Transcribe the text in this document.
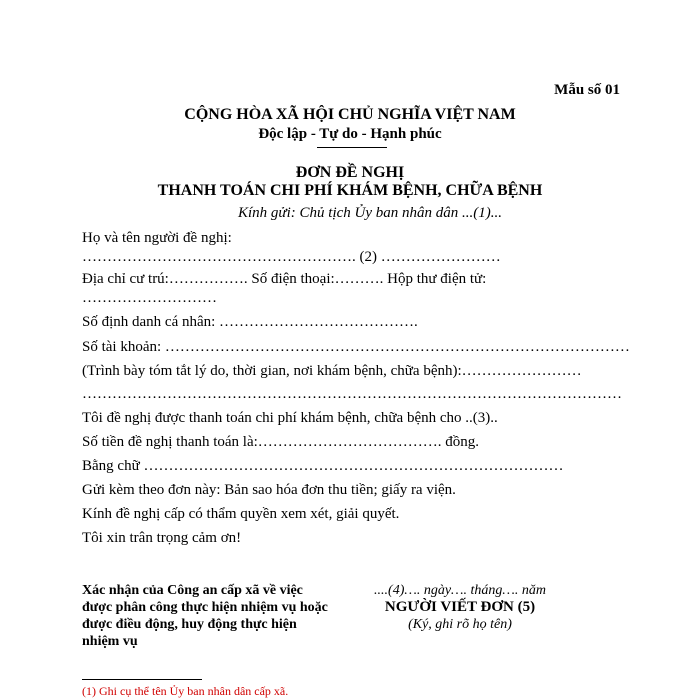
Mẫu số 01
CỘNG HÒA XÃ HỘI CHỦ NGHĨA VIỆT NAM
Độc lập - Tự do - Hạnh phúc
ĐƠN ĐỀ NGHỊ
THANH TOÁN CHI PHÍ KHÁM BỆNH, CHỮA BỆNH
Kính gửi: Chủ tịch Ủy ban nhân dân ...(1)...
Họ và tên người đề nghị:
………………………………………………. (2) ……………………
Địa chỉ cư trú:……………. Số điện thoại:………. Hộp thư điện tử:
………………………
Số định danh cá nhân: ………………………………….
Số tài khoản: …………………………………………………………………………………
(Trình bày tóm tắt lý do, thời gian, nơi khám bệnh, chữa bệnh):……………………
………………………………………………………………………………………………
Tôi đề nghị được thanh toán chi phí khám bệnh, chữa bệnh cho ..(3)..
Số tiền đề nghị thanh toán là:………………………………. đồng.
Bằng chữ …………………………………………………………………………
Gửi kèm theo đơn này: Bản sao hóa đơn thu tiền; giấy ra viện.
Kính đề nghị cấp có thẩm quyền xem xét, giải quyết.
Tôi xin trân trọng cảm ơn!
Xác nhận của Công an cấp xã về việc được phân công thực hiện nhiệm vụ hoặc được điều động, huy động thực hiện nhiệm vụ
....(4)…. ngày…. tháng…. năm
NGƯỜI VIẾT ĐƠN (5)
(Ký, ghi rõ họ tên)
(1) Ghi cụ thể tên Ủy ban nhân dân cấp xã.
